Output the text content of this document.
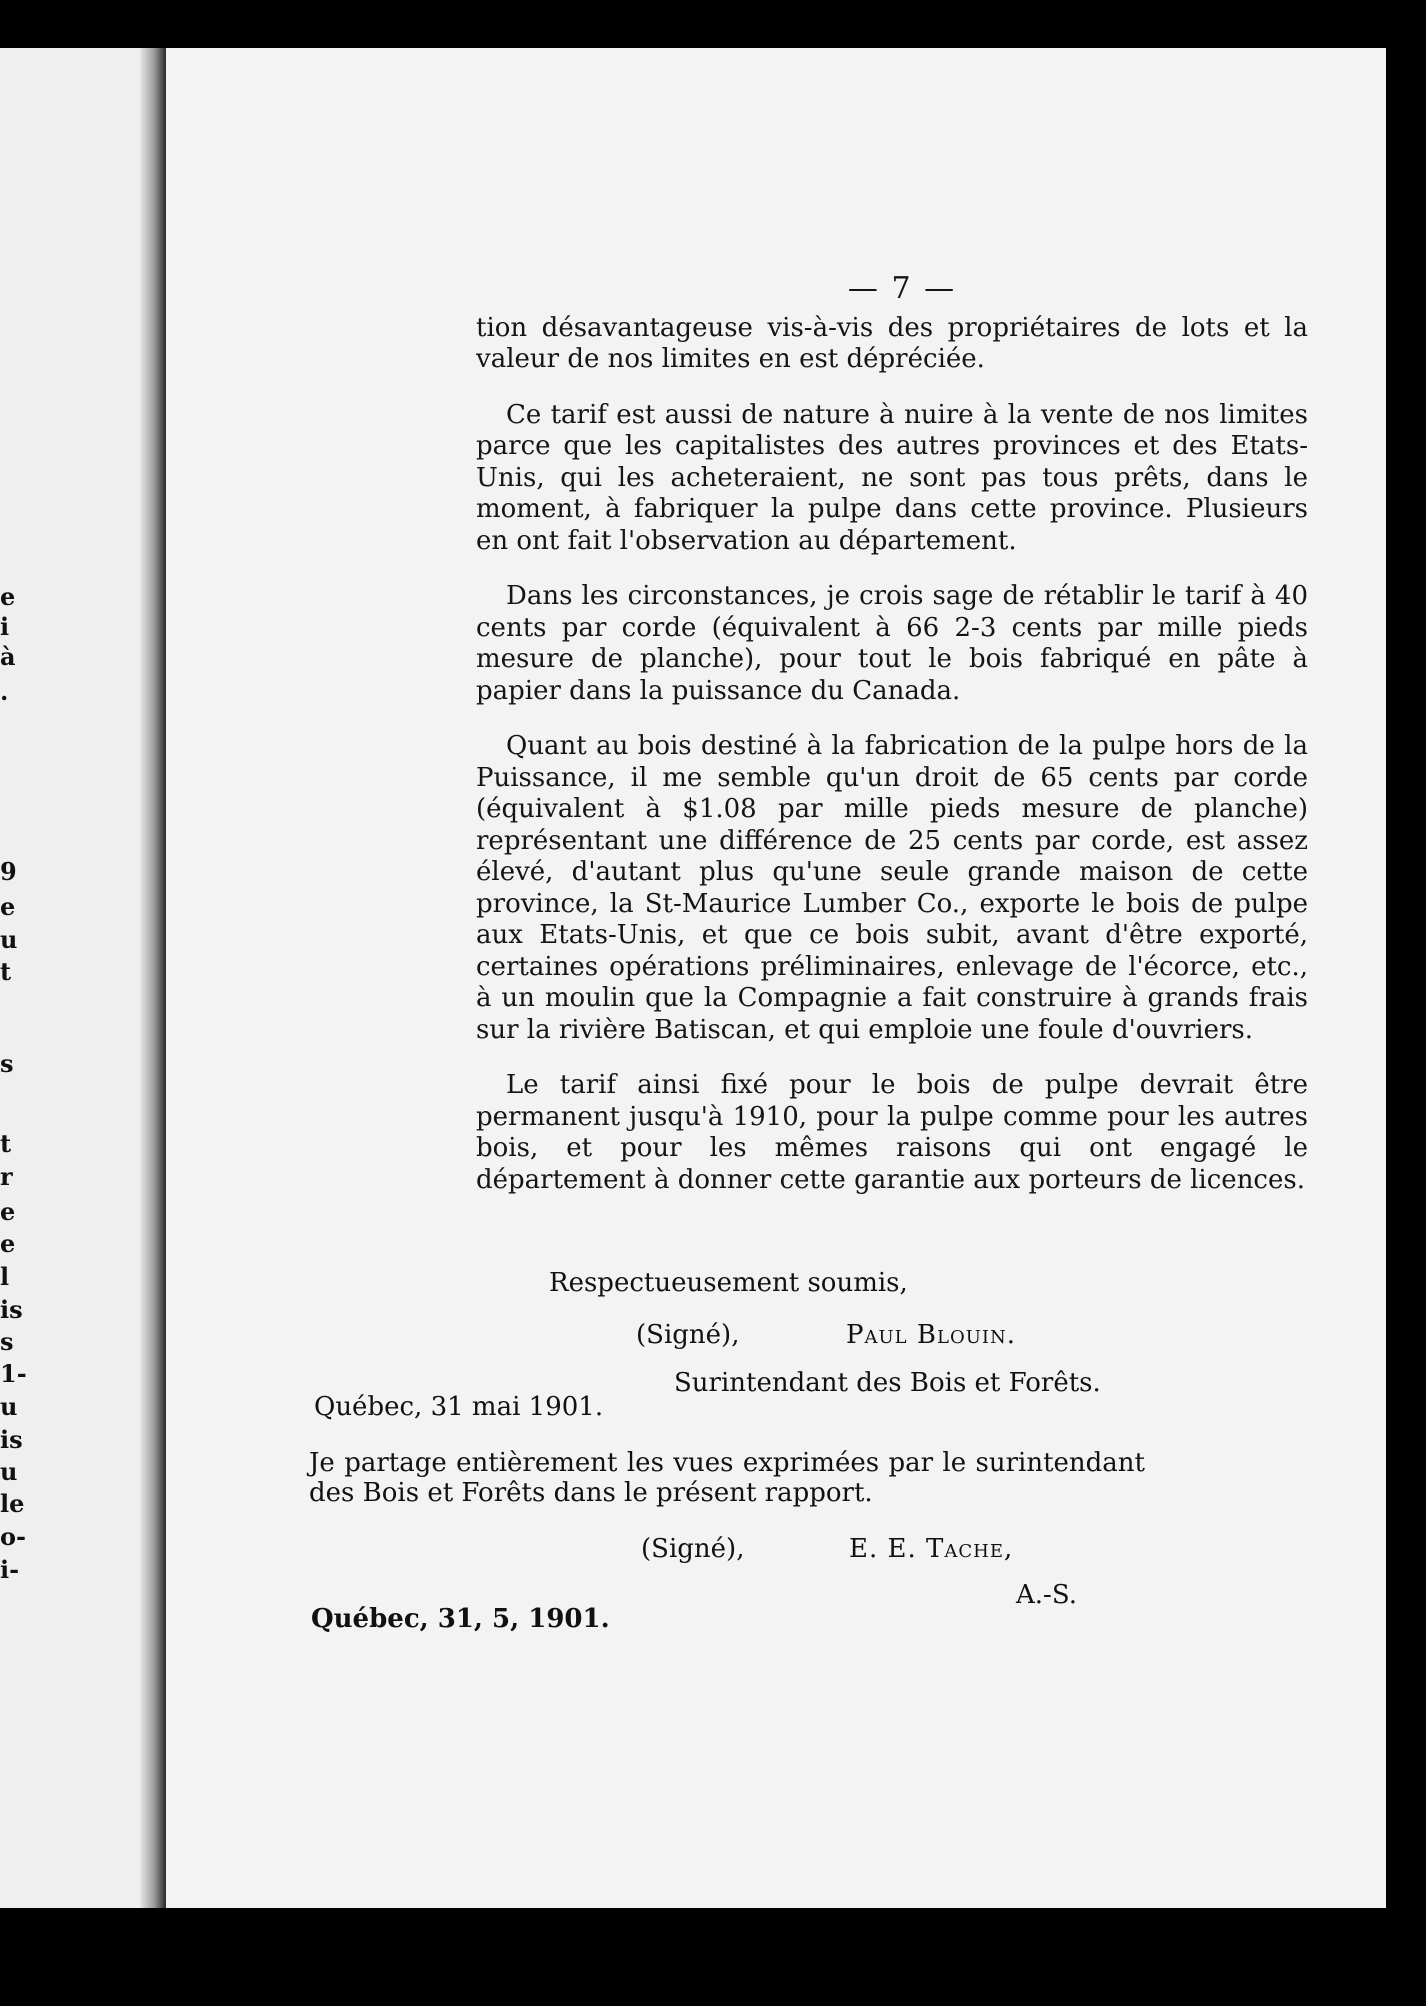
e
i
à
.
9
e
u
t
s
t
r
e
e
l
is
s
1-
u
is
u
le
o-
i-
— 7 —

tion désavantageuse vis-à-vis des propriétaires de lots et la valeur de nos limites en est dépréciée.

Ce tarif est aussi de nature à nuire à la vente de nos limites parce que les capitalistes des autres provinces et des Etats-Unis, qui les acheteraient, ne sont pas tous prêts, dans le moment, à fabriquer la pulpe dans cette province. Plusieurs en ont fait l'observation au département.

Dans les circonstances, je crois sage de rétablir le tarif à 40 cents par corde (équivalent à 66 2-3 cents par mille pieds mesure de planche), pour tout le bois fabriqué en pâte à papier dans la puissance du Canada.

Quant au bois destiné à la fabrication de la pulpe hors de la Puissance, il me semble qu'un droit de 65 cents par corde (équivalent à $1.08 par mille pieds mesure de planche) représentant une différence de 25 cents par corde, est assez élevé, d'autant plus qu'une seule grande maison de cette province, la St-Maurice Lumber Co., exporte le bois de pulpe aux Etats-Unis, et que ce bois subit, avant d'être exporté, certaines opérations préliminaires, enlevage de l'écorce, etc., à un moulin que la Compagnie a fait construire à grands frais sur la rivière Batiscan, et qui emploie une foule d'ouvriers.

Le tarif ainsi fixé pour le bois de pulpe devrait être permanent jusqu'à 1910, pour la pulpe comme pour les autres bois, et pour les mêmes raisons qui ont engagé le département à donner cette garantie aux porteurs de licences.

Respectueusement soumis,
(Signé),	Paul Blouin.
Surintendant des Bois et Forêts.
Québec, 31 mai 1901.
Je partage entièrement les vues exprimées par le surintendant des Bois et Forêts dans le présent rapport.
(Signé),	E. E. Tache,
A.-S.
Québec, 31, 5, 1901.
